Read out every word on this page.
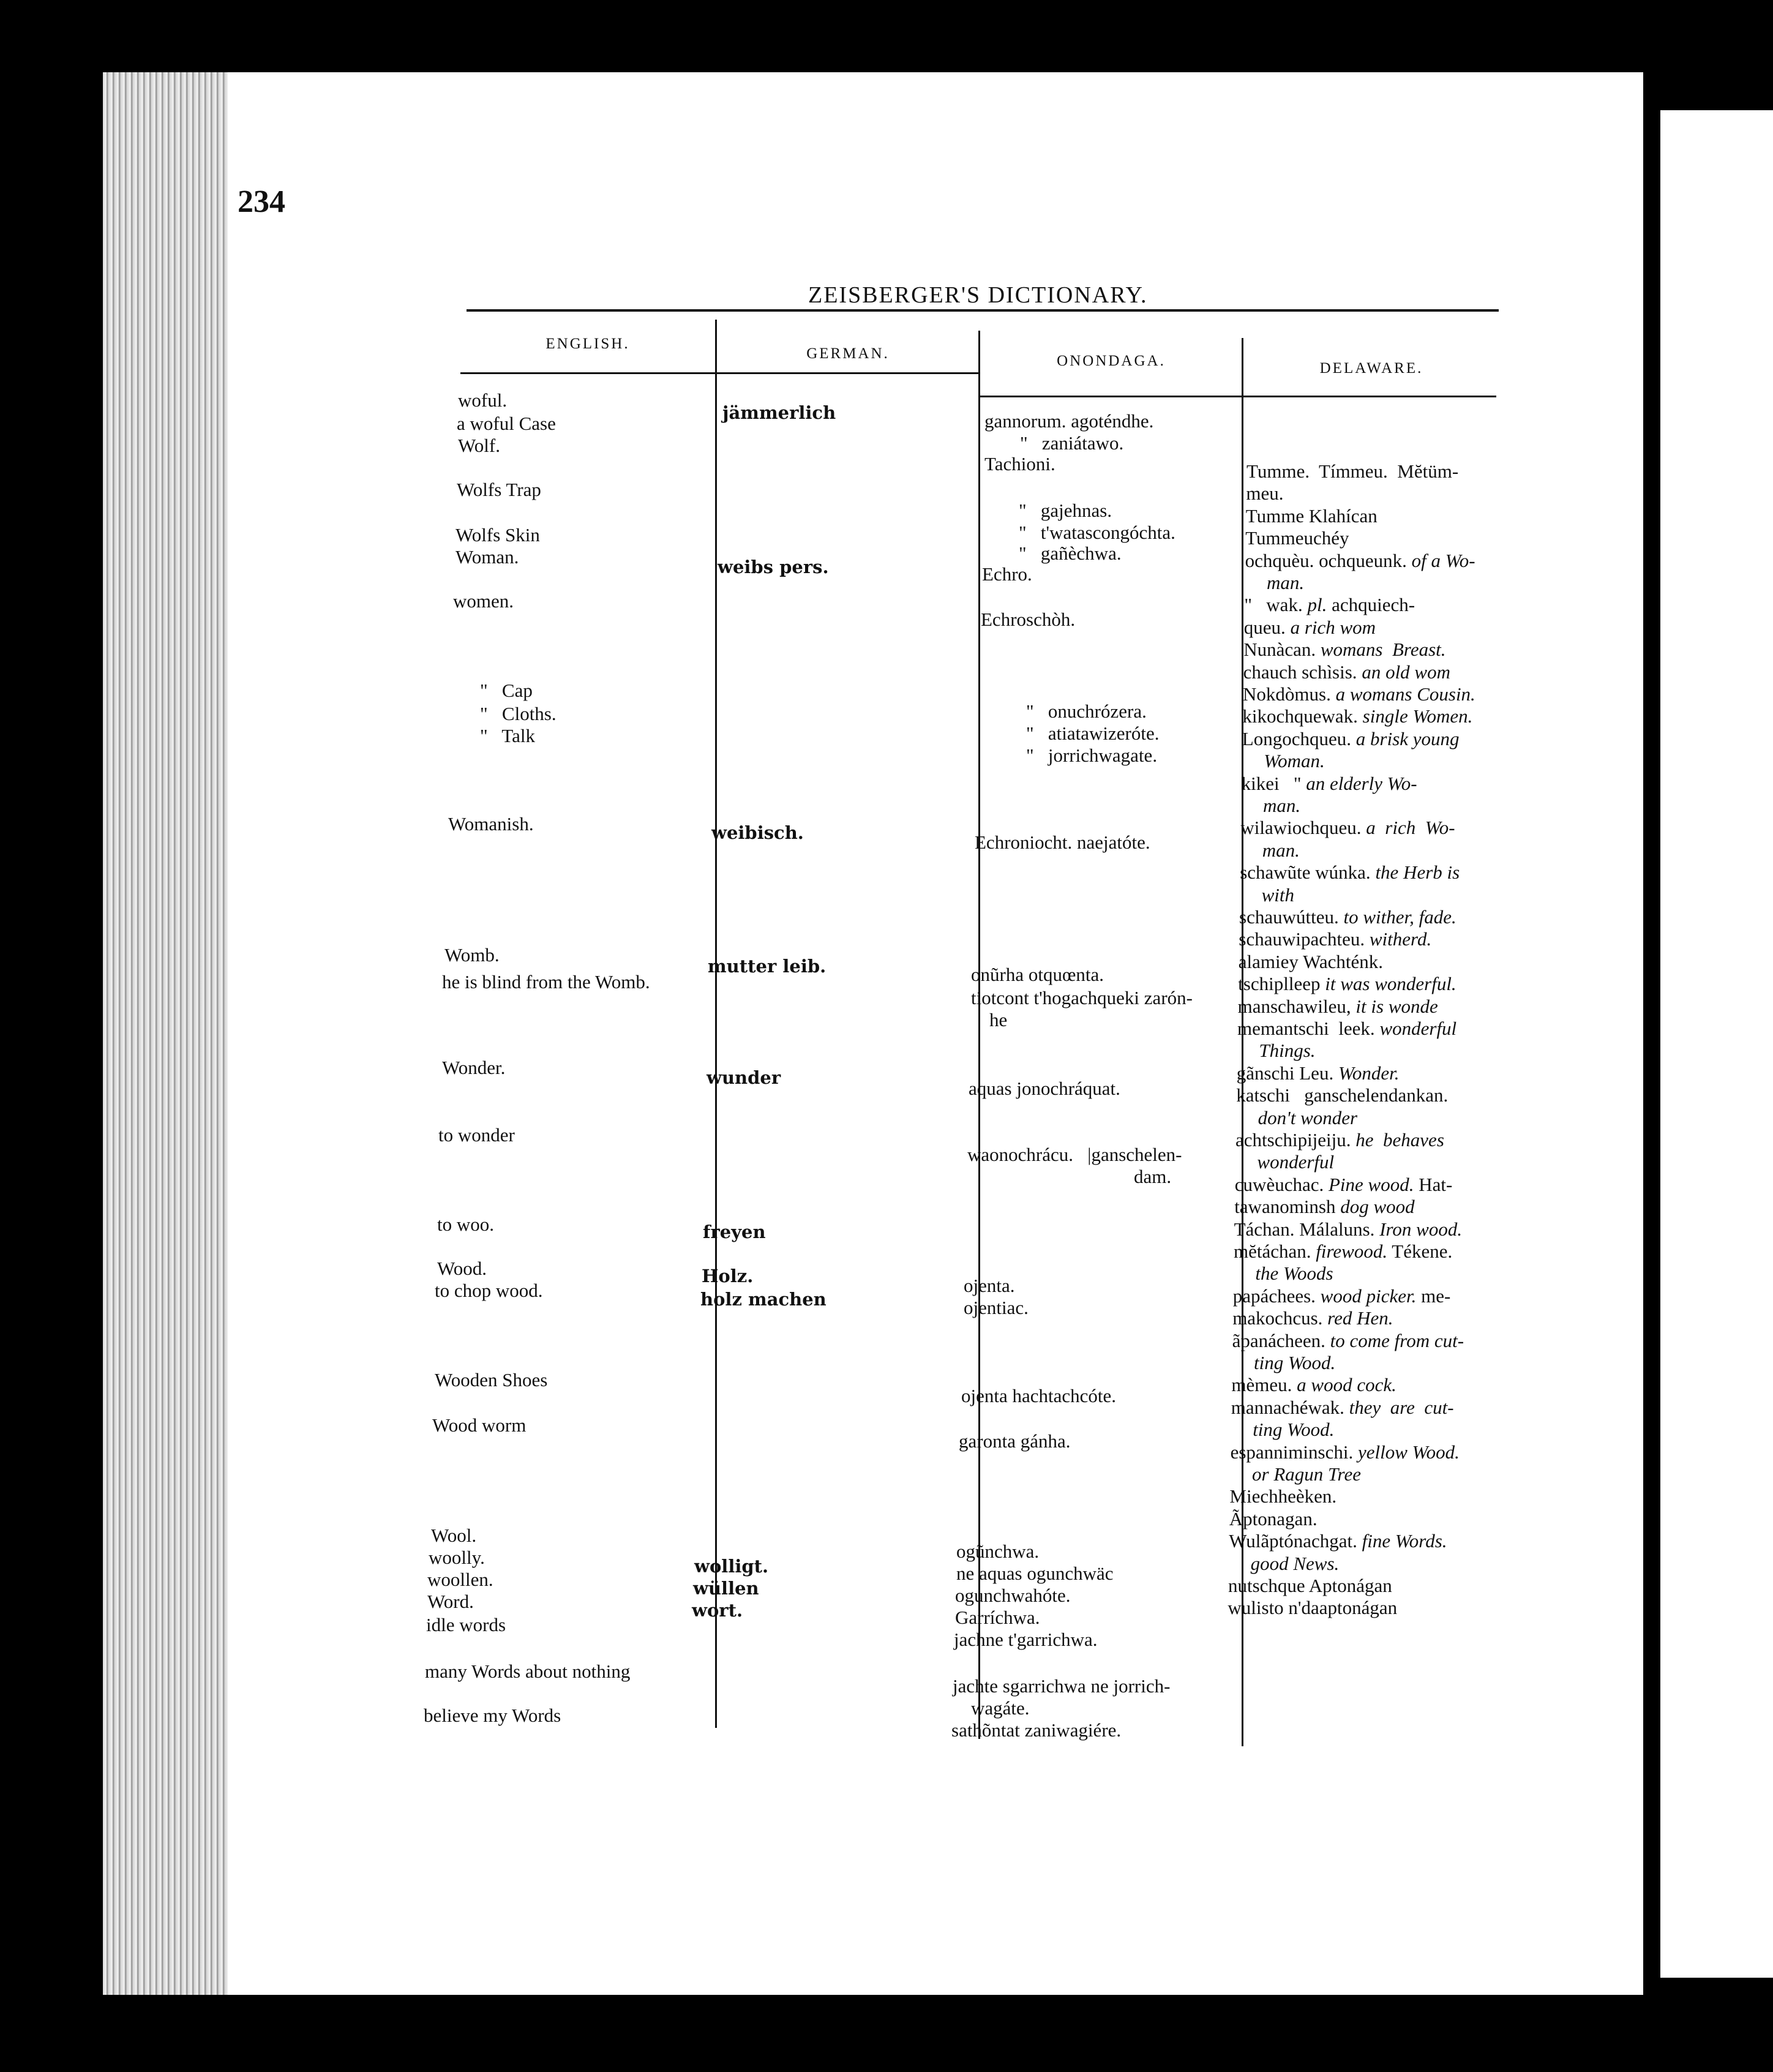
234
ZEISBERGER'S DICTIONARY.
ENGLISH.
GERMAN.	ONONDAGA.	DELAWARE.
woful.
a woful Case
Wolf.
Wolfs Trap
Wolfs Skin
Woman.
women.
"   Cap
"   Cloths.
"   Talk
Womanish.
Womb.
he is blind from the Womb.
Wonder.
to wonder
to woo.
Wood.
to chop wood.
Wooden Shoes
Wood worm
Wool.
woolly.
woollen.
Word.
idle words
many Words about nothing
believe my Words
jämmerlich
weibs pers.
weibisch.
mutter leib.
wunder
freyen
Holz.
holz machen
wolligt.
wüllen
wort.
gannorum. agoténdhe.
"   zaniátawo.
Tachioni.
"   gajehnas.
"   t'watascongóchta.
"   gañèchwa.
Echro.
Echroschòh.
"   onuchrózera.
"   atiatawizeróte.
"   jorrichwagate.
Echroniocht. naejatóte.
onũrha otquœnta.
tiotcont t'hogachqueki zarón-
he
aquas jonochráquat.
waonochrácu.   |ganschelen-
dam.
ojenta.
ojentiac.
ojenta hachtachcóte.
garonta gánha.
ogũnchwa.
ne aquas ogunchwäc
ogunchwahóte.
Garríchwa.
jachne t'garrichwa.
jachte sgarrichwa ne jorrich-
wagáte.
sathõntat zaniwagiére.
Tumme.  Tímmeu.  Mĕtüm-
meu.
Tumme Klahícan
Tummeuchéy
ochquèu. ochqueunk. of a Wo-
man.
"   wak. pl. achquiech-
queu. a rich wom
Nunàcan. womans  Breast.
chauch schìsis. an old wom
Nokdòmus. a womans Cousin.
kikochquewak. single Women.
Longochqueu. a brisk young
Woman.
kikei   " an elderly Wo-
man.
wilawiochqueu. a  rich  Wo-
man.
schawũte wúnka. the Herb is
with
schauwútteu. to wither, fade.
schauwipachteu. witherd.
alamiey Wachténk.
tschiplleep it was wonderful.
manschawileu, it is wonde
memantschi  leek. wonderful
Things.
gãnschi Leu. Wonder.
katschi   ganschelendankan.
don't wonder
achtschipijeiju. he  behaves
wonderful
cuwèuchac. Pine wood. Hat-
tawanominsh dog wood
Táchan. Málaluns. Iron wood.
mĕtáchan. firewood. Tékene.
the Woods
papáchees. wood picker. me-
makochcus. red Hen.
ãpanácheen. to come from cut-
ting Wood.
mèmeu. a wood cock.
mannachéwak. they  are  cut-
ting Wood.
espanniminschi. yellow Wood.
or Ragun Tree
Miechheèken.
Ãptonagan.
Wulãptónachgat. fine Words.
good News.
nutschque Aptonágan
wulisto n'daaptonágan
